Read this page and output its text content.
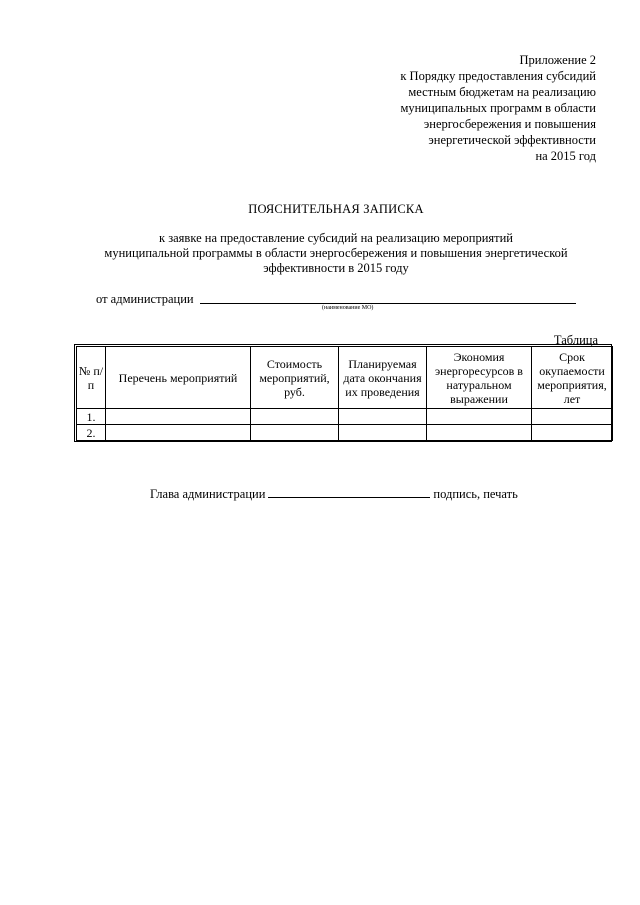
Приложение 2
к Порядку предоставления субсидий
местным бюджетам на реализацию
муниципальных программ в области
энергосбережения и повышения
энергетической эффективности
на 2015 год
ПОЯСНИТЕЛЬНАЯ ЗАПИСКА
к заявке на предоставление субсидий на реализацию мероприятий
муниципальной программы в области энергосбережения и повышения энергетической
эффективности в 2015 году
от администрации
(наименование МО)
Таблица
№ п/п	Перечень мероприятий	Стоимость мероприятий, руб.	Планируемая дата окончания их проведения	Экономия энергоресурсов в натуральном выражении	Срок окупаемости мероприятия, лет
1.					
2.					
Глава администрации	подпись, печать
